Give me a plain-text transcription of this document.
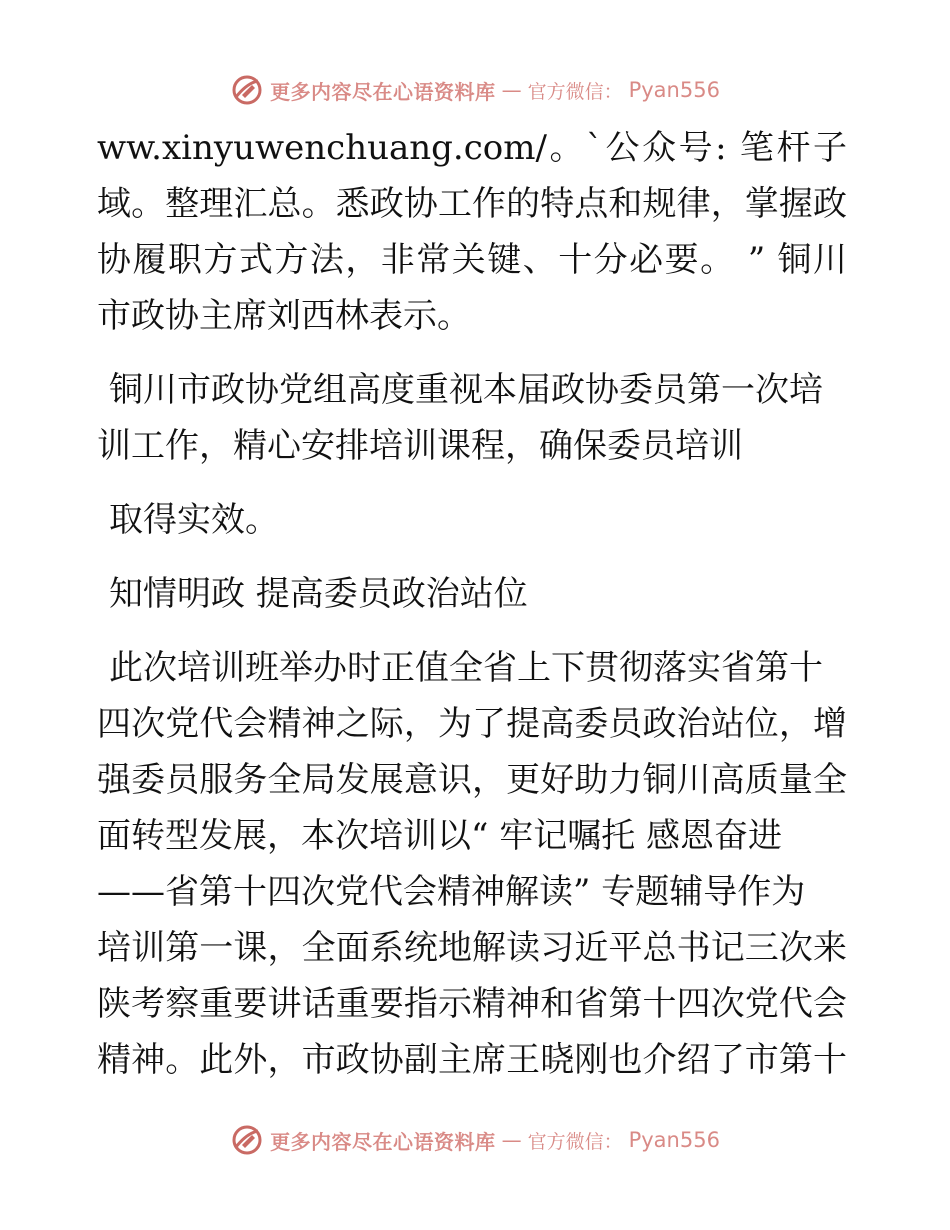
更多内容尽在心语资料库 — 官方微信： Pyan556
ww.xinyuwenchuang.com/。`公众号: 笔杆子
域。整理汇总。悉政协工作的特点和规律，掌握政
协履职方式方法，非常关键、十分必要。 ” 铜川
市政协主席刘西林表示。
铜川市政协党组高度重视本届政协委员第一次培
训工作，精心安排培训课程，确保委员培训
取得实效。
知情明政 提高委员政治站位
此次培训班举办时正值全省上下贯彻落实省第十
四次党代会精神之际，为了提高委员政治站位，增
强委员服务全局发展意识，更好助力铜川高质量全
面转型发展，本次培训以“ 牢记嘱托 感恩奋进
——省第十四次党代会精神解读” 专题辅导作为
培训第一课，全面系统地解读习近平总书记三次来
陕考察重要讲话重要指示精神和省第十四次党代会
精神。此外，市政协副主席王晓刚也介绍了市第十
更多内容尽在心语资料库 — 官方微信： Pyan556
